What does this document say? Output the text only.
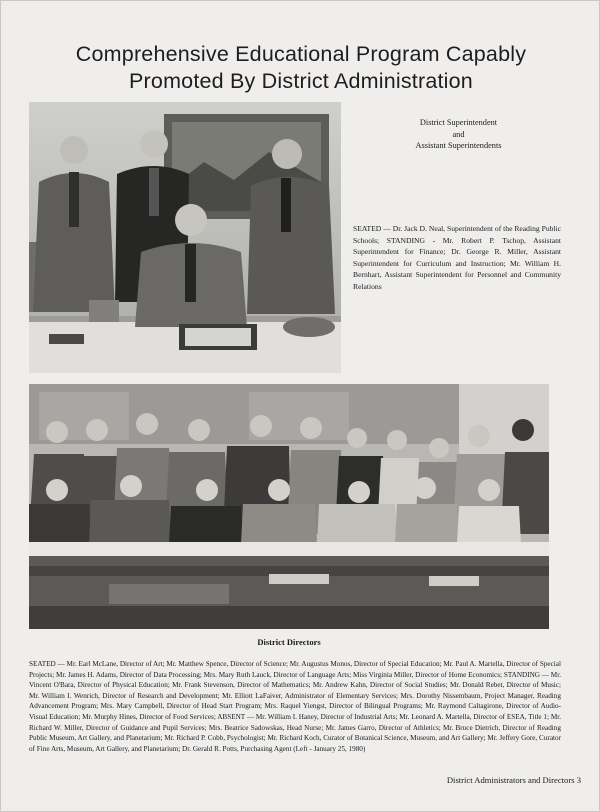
Comprehensive Educational Program Capably
Promoted By District Administration
District Superintendent
and
Assistant Superintendents
SEATED — Dr. Jack D. Neal, Superintendent of the Reading Public Schools; STANDING - Mr. Robert P. Tschop, Assistant Superintendent for Finance; Dr. George R. Miller, Assistant Superintendent for Curriculum and Instruction; Mr. William H. Bernhart, Assistant Superintendent for Personnel and Community Relations
District Directors
SEATED — Mr. Earl McLane, Director of Art; Mr. Matthew Spence, Director of Science; Mr. Augustus Monos, Director of Special Education; Mr. Paul A. Martella, Director of Special Projects; Mr. James H. Adams, Director of Data Processing; Mrs. Mary Ruth Lauck, Director of Language Arts; Miss Virginia Miller, Director of Home Economics; STANDING — Mr. Vincent O'Bara, Director of Physical Education; Mr. Frank Stevenson, Director of Mathematics; Mr. Andrew Kahn, Director of Social Studies; Mr. Donald Rebet, Director of Music; Mr. William I. Wenrich, Director of Research and Development; Mr. Elliott LaFaiver, Administrator of Elementary Services; Mrs. Dorothy Nissembaum, Project Manager, Reading Advancement Program; Mrs. Mary Campbell, Director of Head Start Program; Mrs. Raquel Yiengst, Director of Bilingual Programs; Mr. Raymond Caltagirone, Director of Audio-Visual Education; Mr. Murphy Hines, Director of Food Services; ABSENT — Mr. William I. Haney, Director of Industrial Arts; Mr. Leonard A. Martella, Director of ESEA, Title 1; Mr. Richard W. Miller, Director of Guidance and Pupil Services; Mrs. Beatrice Sadowskas, Head Nurse; Mr. James Garro, Director of Athletics; Mr. Bruce Dietrich, Director of Reading Public Museum, Art Gallery, and Planetarium; Mr. Richard P. Cobb, Psychologist; Mr. Richard Koch, Curator of Botanical Science, Museum, and Art Gallery; Mr. Jeffery Gore, Curator of Fine Arts, Museum, Art Gallery, and Planetarium; Dr. Gerald R. Potts, Purchasing Agent (Left - January 25, 1980)
District Administrators and Directors 3
